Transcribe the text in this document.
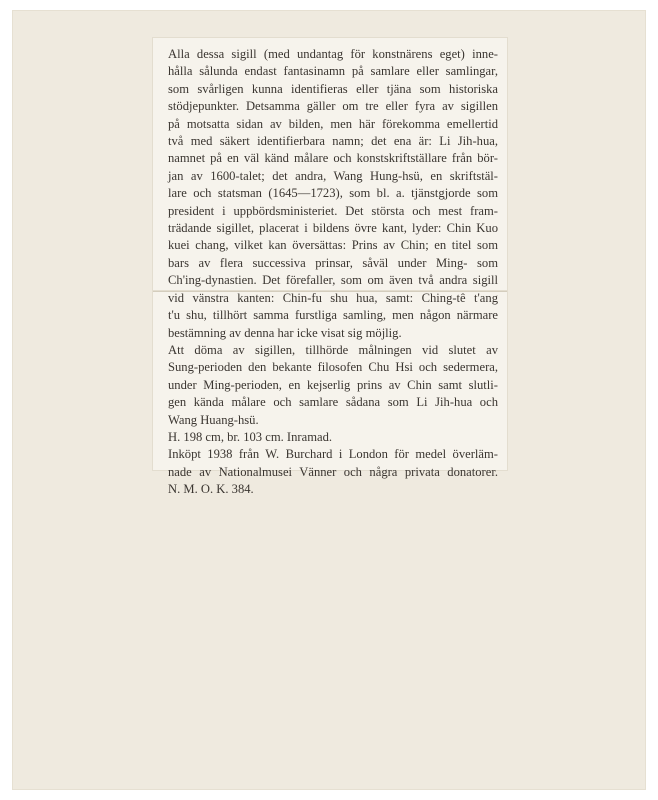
Alla dessa sigill (med undantag för konstnärens eget) inne-
hålla sålunda endast fantasinamn på samlare eller samlingar,
som svårligen kunna identifieras eller tjäna som historiska
stödjepunkter. Detsamma gäller om tre eller fyra av sigillen
på motsatta sidan av bilden, men här förekomma emellertid
två med säkert identifierbara namn; det ena är: Li Jih-hua,
namnet på en väl känd målare och konstskriftställare från bör-
jan av 1600-talet; det andra, Wang Hung-hsü, en skriftstäl-
lare och statsman (1645—1723), som bl. a. tjänstgjorde som
president i uppbördsministeriet. Det största och mest fram-
trädande sigillet, placerat i bildens övre kant, lyder: Chin Kuo
kuei chang, vilket kan översättas: Prins av Chin; en titel som
bars av flera successiva prinsar, såväl under Ming- som
Ch'ing-dynastien. Det förefaller, som om även två andra sigill
vid vänstra kanten: Chin-fu shu hua, samt: Ching-tê t'ang
t'u shu, tillhört samma furstliga samling, men någon närmare
bestämning av denna har icke visat sig möjlig.
Att döma av sigillen, tillhörde målningen vid slutet av
Sung-perioden den bekante filosofen Chu Hsi och sedermera,
under Ming-perioden, en kejserlig prins av Chin samt slutli-
gen kända målare och samlare sådana som Li Jih-hua och
Wang Huang-hsü.
H. 198 cm, br. 103 cm. Inramad.
Inköpt 1938 från W. Burchard i London för medel överläm-
nade av Nationalmusei Vänner och några privata donatorer.
N. M. O. K. 384.
